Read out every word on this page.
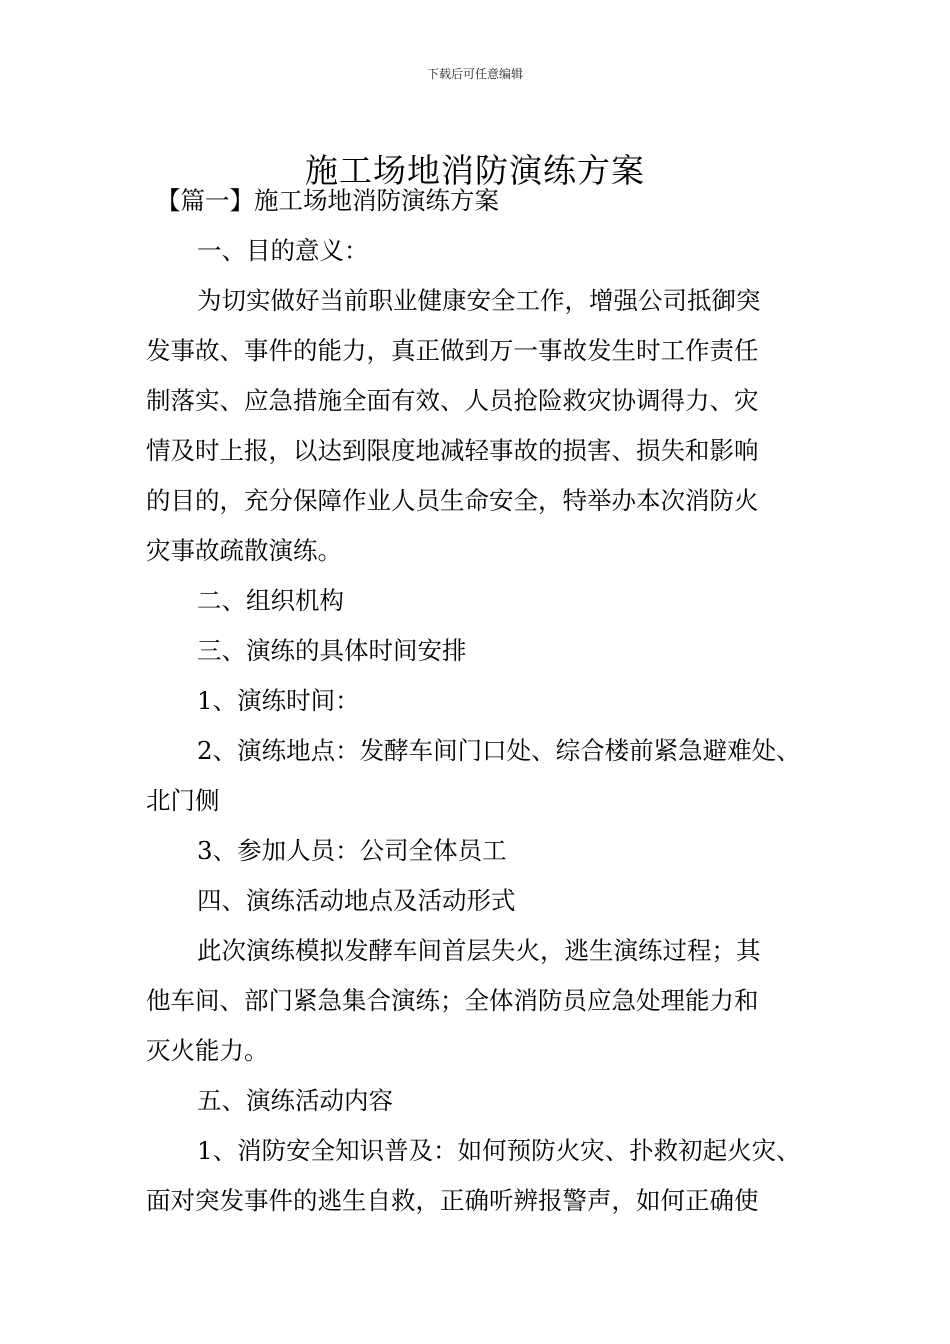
下载后可任意编辑
施工场地消防演练方案

【篇一】施工场地消防演练方案

一、目的意义：

为切实做好当前职业健康安全工作，增强公司抵御突

发事故、事件的能力，真正做到万一事故发生时工作责任

制落实、应急措施全面有效、人员抢险救灾协调得力、灾

情及时上报，以达到限度地减轻事故的损害、损失和影响

的目的，充分保障作业人员生命安全，特举办本次消防火

灾事故疏散演练。

二、组织机构

三、演练的具体时间安排

1、演练时间：

2、演练地点：发酵车间门口处、综合楼前紧急避难处、

北门侧

3、参加人员：公司全体员工

四、演练活动地点及活动形式

此次演练模拟发酵车间首层失火，逃生演练过程；其

他车间、部门紧急集合演练；全体消防员应急处理能力和

灭火能力。

五、演练活动内容

1、消防安全知识普及：如何预防火灾、扑救初起火灾、

面对突发事件的逃生自救，正确听辨报警声，如何正确使
